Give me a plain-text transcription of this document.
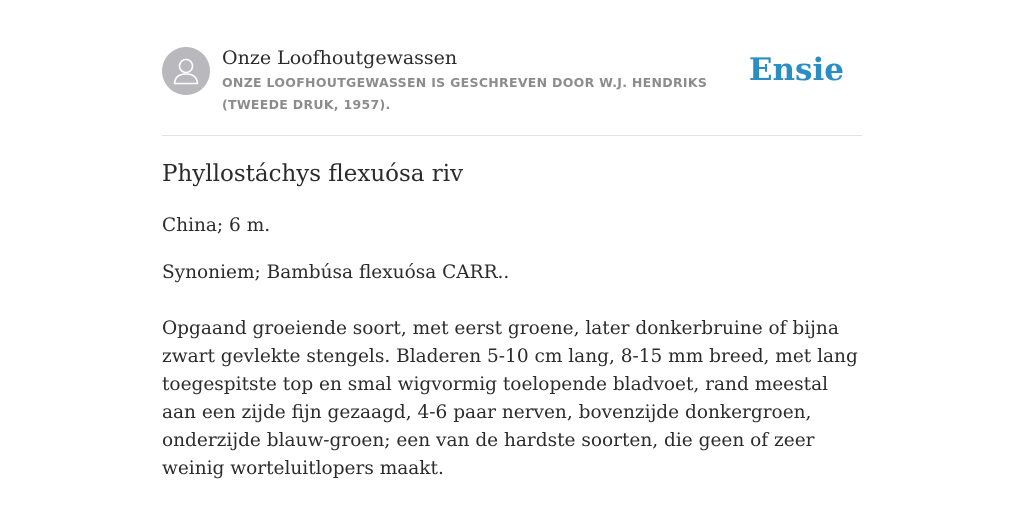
Onze Loofhoutgewassen
ONZE LOOFHOUTGEWASSEN IS GESCHREVEN DOOR W.J. HENDRIKS (TWEEDE DRUK, 1957).
Ensie
Phyllostáchys flexuósa riv

China; 6 m.

Synoniem; Bambúsa flexuósa CARR..

Opgaand groeiende soort, met eerst groene, later donkerbruine of bijna zwart gevlekte stengels. Bladeren 5-10 cm lang, 8-15 mm breed, met lang toegespitste top en smal wigvormig toelopende bladvoet, rand meestal aan een zijde fijn gezaagd, 4-6 paar nerven, bovenzijde donkergroen, onderzijde blauw-groen; een van de hardste soorten, die geen of zeer weinig worteluitlopers maakt.
